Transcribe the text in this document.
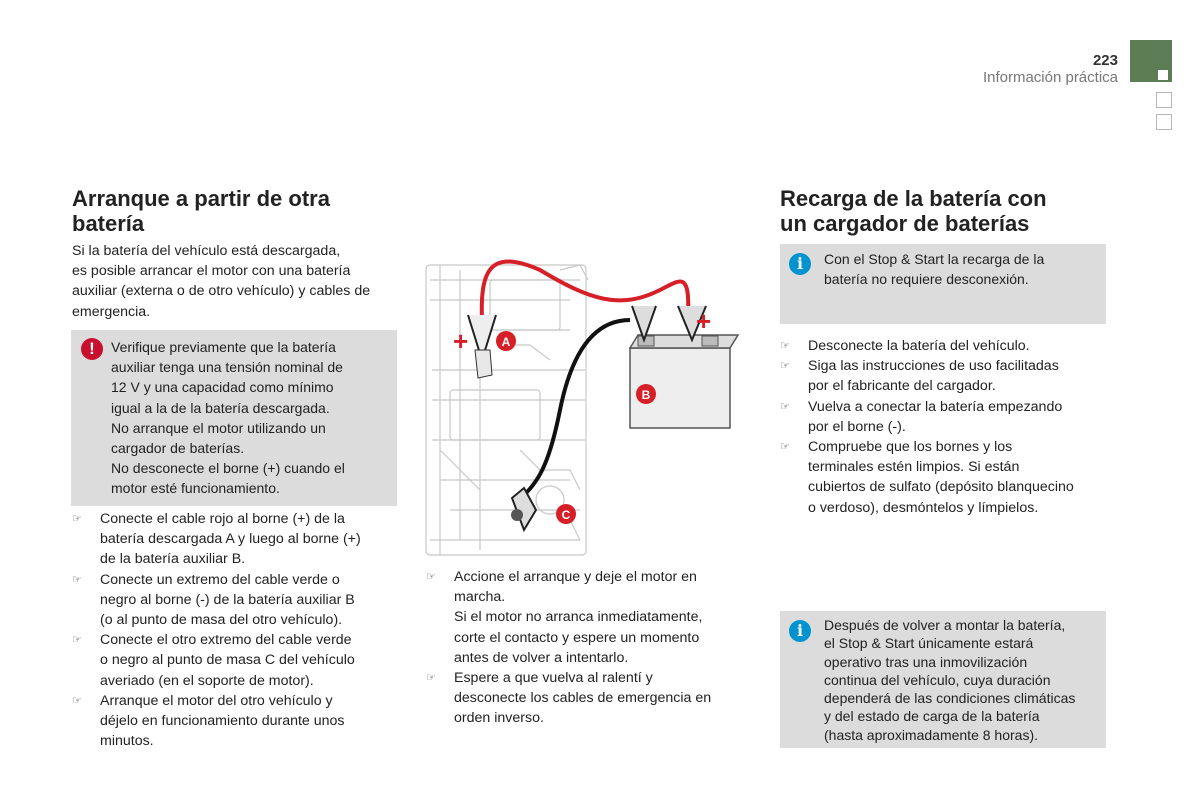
223
Información práctica
Arranque a partir de otra
batería
Si la batería del vehículo está descargada,
es posible arrancar el motor con una batería
auxiliar (externa o de otro vehículo) y cables de
emergencia.
!	Verifique previamente que la batería
auxiliar tenga una tensión nominal de
12 V y una capacidad como mínimo
igual a la de la batería descargada.
No arranque el motor utilizando un
cargador de baterías.
No desconecte el borne (+) cuando el
motor esté funcionamiento.
☞ Conecte el cable rojo al borne (+) de la
batería descargada A y luego al borne (+)
de la batería auxiliar B.
☞ Conecte un extremo del cable verde o
negro al borne (-) de la batería auxiliar B
(o al punto de masa del otro vehículo).
☞ Conecte el otro extremo del cable verde
o negro al punto de masa C del vehículo
averiado (en el soporte de motor).
☞ Arranque el motor del otro vehículo y
déjelo en funcionamiento durante unos
minutos.
A
B
C
+
+
☞ Accione el arranque y deje el motor en
marcha.
Si el motor no arranca inmediatamente,
corte el contacto y espere un momento
antes de volver a intentarlo.
☞ Espere a que vuelva al ralentí y
desconecte los cables de emergencia en
orden inverso.
Recarga de la batería con
un cargador de baterías
i	Con el Stop & Start la recarga de la
batería no requiere desconexión.
☞ Desconecte la batería del vehículo.
☞ Siga las instrucciones de uso facilitadas
por el fabricante del cargador.
☞ Vuelva a conectar la batería empezando
por el borne (-).
☞ Compruebe que los bornes y los
terminales estén limpios. Si están
cubiertos de sulfato (depósito blanquecino
o verdoso), desmóntelos y límpielos.
i	Después de volver a montar la batería,
el Stop & Start únicamente estará
operativo tras una inmovilización
continua del vehículo, cuya duración
dependerá de las condiciones climáticas
y del estado de carga de la batería
(hasta aproximadamente 8 horas).
